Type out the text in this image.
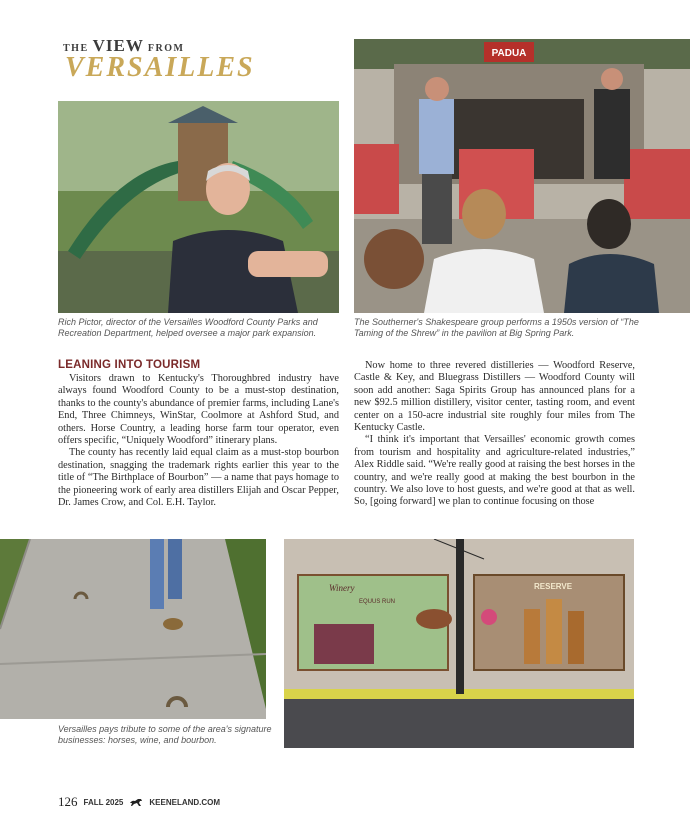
THE VIEW FROM
VERSAILLES
Rich Pictor, director of the Versailles Woodford County Parks and Recreation Department, helped oversee a major park expansion.
PADUA
The Southerner's Shakespeare group performs a 1950s version of “The Taming of the Shrew” in the pavilion at Big Spring Park.
LEANING INTO TOURISM

Visitors drawn to Kentucky's Thoroughbred industry have always found Woodford County to be a must-stop destination, thanks to the county's abundance of premier farms, including Lane's End, Three Chimneys, WinStar, Coolmore at Ashford Stud, and others. Horse Country, a leading horse farm tour operator, even offers specific, “Uniquely Woodford” itinerary plans.

The county has recently laid equal claim as a must-stop bourbon destination, snagging the trademark rights earlier this year to the title of “The Birthplace of Bourbon” — a name that pays homage to the pioneering work of early area distillers Elijah and Oscar Pepper, Dr. James Crow, and Col. E.H. Taylor.

Now home to three revered distilleries — Woodford Reserve, Castle & Key, and Bluegrass Distillers — Woodford County will soon add another: Saga Spirits Group has announced plans for a new $92.5 million distillery, visitor center, tasting room, and event center on a 150-acre industrial site roughly four miles from The Kentucky Castle.

“I think it's important that Versailles' economic growth comes from tourism and hospitality and agriculture-related industries,” Alex Riddle said. “We're really good at raising the best horses in the country, and we're really good at making the best bourbon in the country. We also love to host guests, and we're good at that as well. So, [going forward] we plan to continue focusing on those

Versailles pays tribute to some of the area's signature businesses: horses, wine, and bourbon.
Winery
EQUUS RUN
RESERVE
126 FALL 2025	KEENELAND.COM
